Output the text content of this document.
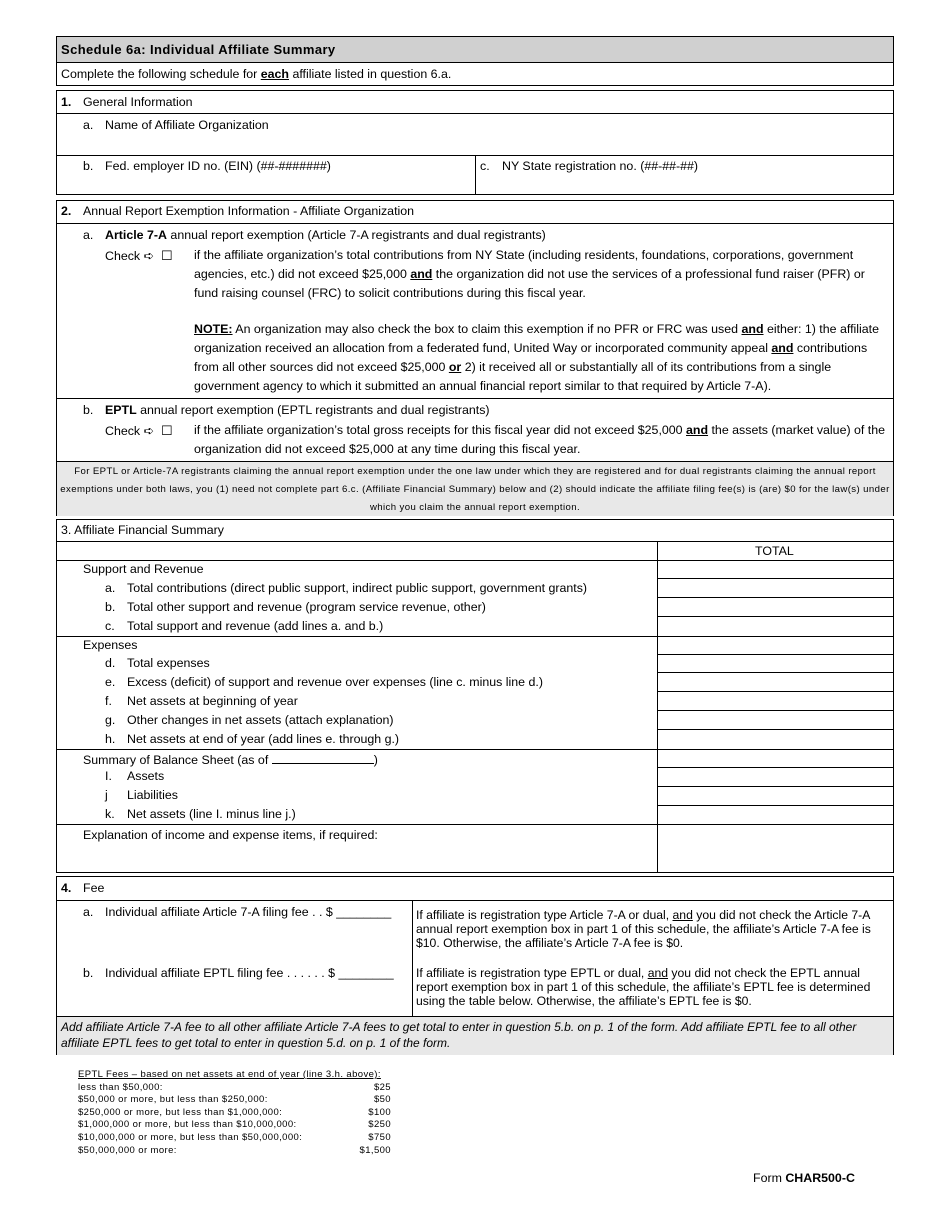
Schedule 6a: Individual Affiliate Summary
Complete the following schedule for each affiliate listed in question 6.a.
1. General Information
a. Name of Affiliate Organization
b. Fed. employer ID no. (EIN) (##-#######)	c. NY State registration no. (##-##-##)
2. Annual Report Exemption Information - Affiliate Organization
a. Article 7-A annual report exemption (Article 7-A registrants and dual registrants)
Check ➪ ☐ if the affiliate organization’s total contributions from NY State (including residents, foundations, corporations, government agencies, etc.) did not exceed $25,000 and the organization did not use the services of a professional fund raiser (PFR) or fund raising counsel (FRC) to solicit contributions during this fiscal year.
NOTE: An organization may also check the box to claim this exemption if no PFR or FRC was used and either: 1) the affiliate organization received an allocation from a federated fund, United Way or incorporated community appeal and contributions from all other sources did not exceed $25,000 or 2) it received all or substantially all of its contributions from a single government agency to which it submitted an annual financial report similar to that required by Article 7-A).
b. EPTL annual report exemption (EPTL registrants and dual registrants)
Check ➪ ☐ if the affiliate organization’s total gross receipts for this fiscal year did not exceed $25,000 and the assets (market value) of the organization did not exceed $25,000 at any time during this fiscal year.
For EPTL or Article-7A registrants claiming the annual report exemption under the one law under which they are registered and for dual registrants claiming the annual report exemptions under both laws, you (1) need not complete part 6.c. (Affiliate Financial Summary) below and (2) should indicate the affiliate filing fee(s) is (are) $0 for the law(s) under which you claim the annual report exemption.
3. Affiliate Financial Summary
TOTAL
Support and Revenue
a. Total contributions (direct public support, indirect public support, government grants)
b. Total other support and revenue (program service revenue, other)
c. Total support and revenue (add lines a. and b.)
Expenses
d. Total expenses
e. Excess (deficit) of support and revenue over expenses (line c. minus line d.)
f. Net assets at beginning of year
g. Other changes in net assets (attach explanation)
h. Net assets at end of year (add lines e. through g.)
Summary of Balance Sheet (as of	)
I. Assets
j Liabilities
k. Net assets (line I. minus line j.)
Explanation of income and expense items, if required:
4. Fee
a. Individual affiliate Article 7-A filing fee . . $ ________ If affiliate is registration type Article 7-A or dual, and you did not check the Article 7-A annual report exemption box in part 1 of this schedule, the affiliate’s Article 7-A fee is $10. Otherwise, the affiliate’s Article 7-A fee is $0.
b. Individual affiliate EPTL filing fee . . . . . . $ ________ If affiliate is registration type EPTL or dual, and you did not check the EPTL annual report exemption box in part 1 of this schedule, the affiliate’s EPTL fee is determined using the table below. Otherwise, the affiliate’s EPTL fee is $0.
Add affiliate Article 7-A fee to all other affiliate Article 7-A fees to get total to enter in question 5.b. on p. 1 of the form. Add affiliate EPTL fee to all other affiliate EPTL fees to get total to enter in question 5.d. on p. 1 of the form.
EPTL Fees – based on net assets at end of year (line 3.h. above):
less than $50,000:	$25
$50,000 or more, but less than $250,000:	$50
$250,000 or more, but less than $1,000,000:	$100
$1,000,000 or more, but less than $10,000,000:	$250
$10,000,000 or more, but less than $50,000,000:	$750
$50,000,000 or more:	$1,500
Form CHAR500-C
